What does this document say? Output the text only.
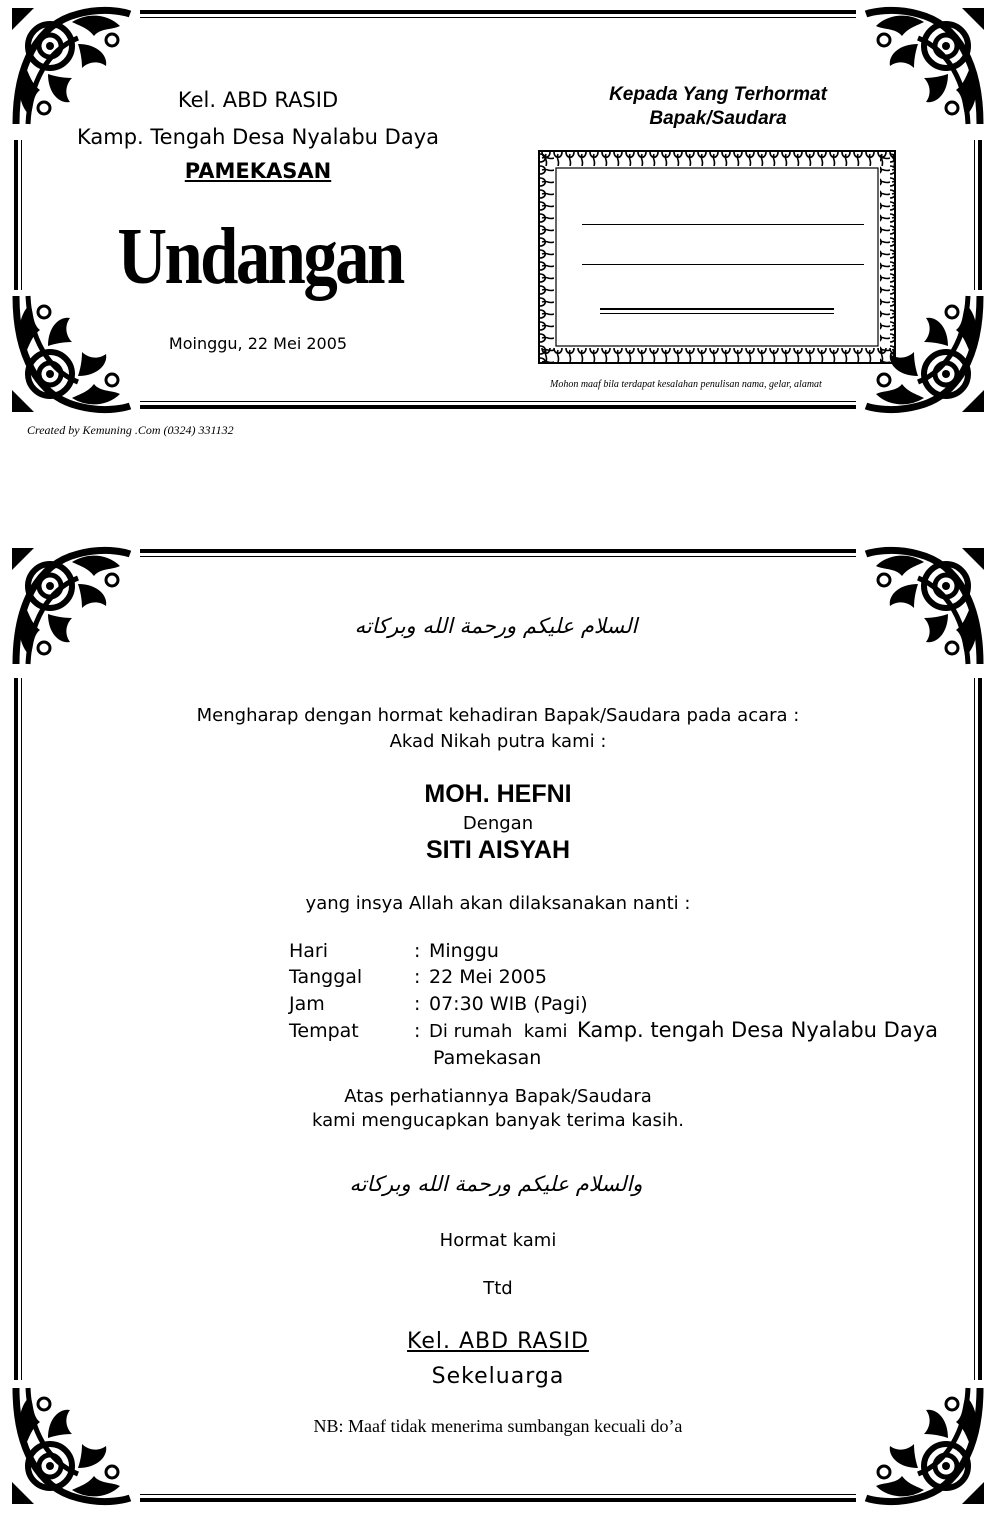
Kel. ABD RASID
Kamp. Tengah Desa Nyalabu Daya
PAMEKASAN
Undangan
Moinggu, 22 Mei 2005
Kepada Yang Terhormat
Bapak/Saudara
Mohon maaf bila terdapat kesalahan penulisan nama, gelar, alamat
Created by Kemuning .Com (0324) 331132
السلام عليكم ورحمة الله وبركاته
Mengharap dengan hormat kehadiran Bapak/Saudara pada acara :
Akad Nikah putra kami :
MOH. HEFNI
Dengan
SITI AISYAH
yang insya Allah akan dilaksanakan nanti :
Hari	: Minggu
Tanggal	: 22 Mei 2005
Jam	: 07:30 WIB (Pagi)
Tempat	: Di rumah  kami Kamp. tengah Desa Nyalabu Daya
Pamekasan
Atas perhatiannya Bapak/Saudara
kami mengucapkan banyak terima kasih.
والسلام عليكم ورحمة الله وبركاته
Hormat kami
Ttd
Kel. ABD RASID
Sekeluarga
NB: Maaf tidak menerima sumbangan kecuali do’a
